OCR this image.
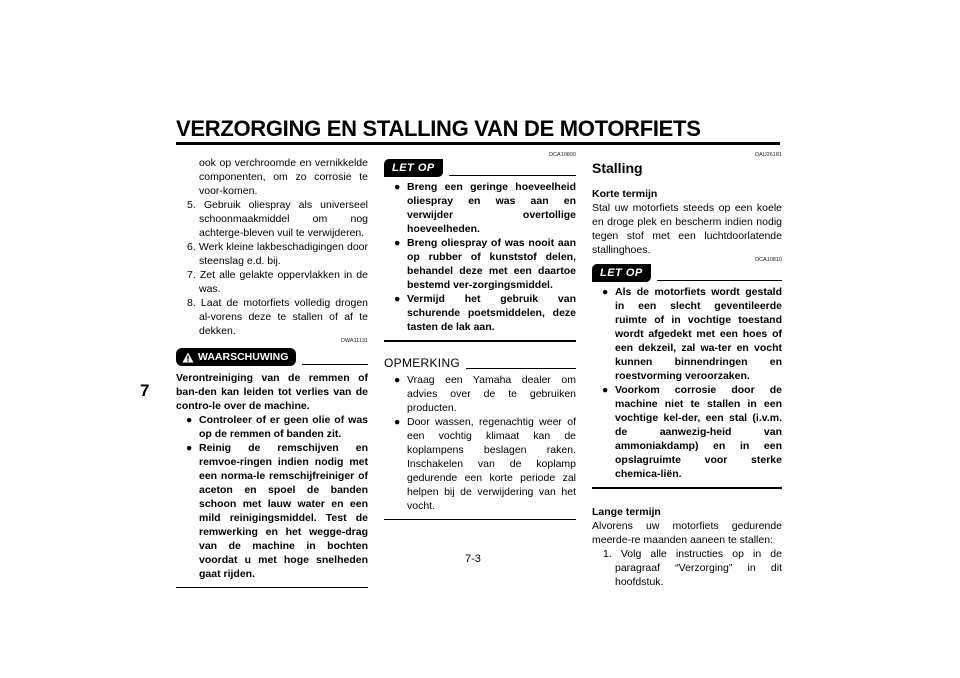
VERZORGING EN STALLING VAN DE MOTORFIETS
7

ook op verchroomde en vernikkelde componenten, om zo corrosie te voor-komen.

5. Gebruik oliespray als universeel schoonmaakmiddel om nog achterge-bleven vuil te verwijderen.

6. Werk kleine lakbeschadigingen door steenslag e.d. bij.

7. Zet alle gelakte oppervlakken in de was.

8. Laat de motorfiets volledig drogen al-vorens deze te stallen of af te dekken.

DWA11131
WAARSCHUWING

Verontreiniging van de remmen of ban-den kan leiden tot verlies van de contro-le over de machine.

● Controleer of er geen olie of was op de remmen of banden zit.
● Reinig de remschijven en remvoe-ringen indien nodig met een norma-le remschijfreiniger of aceton en spoel de banden schoon met lauw water en een mild reinigingsmiddel. Test de remwerking en het wegge-drag van de machine in bochten voordat u met hoge snelheden gaat rijden.
DCA10800
LET OP
● Breng een geringe hoeveelheid oliespray en was aan en verwijder overtollige hoeveelheden.
● Breng oliespray of was nooit aan op rubber of kunststof delen, behandel deze met een daartoe bestemd ver-zorgingsmiddel.
● Vermijd het gebruik van schurende poetsmiddelen, deze tasten de lak aan.
OPMERKING
● Vraag een Yamaha dealer om advies over de te gebruiken producten.
● Door wassen, regenachtig weer of een vochtig klimaat kan de koplampens beslagen raken. Inschakelen van de koplamp gedurende een korte periode zal helpen bij de verwijdering van het vocht.
DAU26181
Stalling

Korte termijn

Stal uw motorfiets steeds op een koele en droge plek en bescherm indien nodig tegen stof met een luchtdoorlatende stallinghoes.

DCA10810
LET OP
● Als de motorfiets wordt gestald in een slecht geventileerde ruimte of in vochtige toestand wordt afgedekt met een hoes of een dekzeil, zal wa-ter en vocht kunnen binnendringen en roestvorming veroorzaken.
● Voorkom corrosie door de machine niet te stallen in een vochtige kel-der, een stal (i.v.m. de aanwezig-heid van ammoniakdamp) en in een opslagruimte voor sterke chemica-liën.

Lange termijn

Alvorens uw motorfiets gedurende meerde-re maanden aaneen te stallen:

1. Volg alle instructies op in de paragraaf “Verzorging” in dit hoofdstuk.

7-3
